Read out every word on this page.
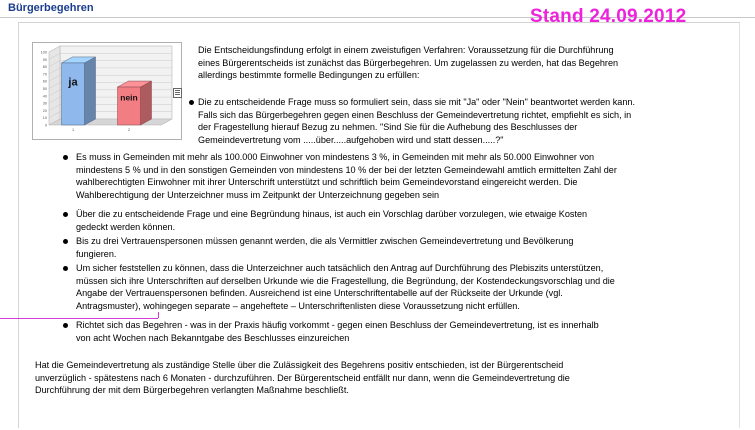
Bürgerbegehren	Stand 24.09.2012
100
90
80
70
60
50
40
30
20
10
0
ja
1
nein
2
Die Entscheidungsfindung erfolgt in einem zweistufigen Verfahren: Voraussetzung für die Durchführung
eines Bürgerentscheids ist zunächst das Bürgerbegehren. Um zugelassen zu werden, hat das Begehren
allerdings bestimmte formelle Bedingungen zu erfüllen:
Die zu entscheidende Frage muss so formuliert sein, dass sie mit "Ja" oder "Nein" beantwortet werden kann.
Falls sich das Bürgerbegehren gegen einen Beschluss der Gemeindevertretung richtet, empfiehlt es sich, in
der Fragestellung hierauf Bezug zu nehmen. "Sind Sie für die Aufhebung des Beschlusses der
Gemeindevertretung vom .....über.....aufgehoben wird und statt dessen.....?"
Es muss in Gemeinden mit mehr als 100.000 Einwohner von mindestens 3 %, in Gemeinden mit mehr als 50.000 Einwohner von
mindestens 5 % und in den sonstigen Gemeinden von mindestens 10 % der bei der letzten Gemeindewahl amtlich ermittelten Zahl der
wahlberechtigten Einwohner mit ihrer Unterschrift unterstützt und schriftlich beim Gemeindevorstand eingereicht werden. Die
Wahlberechtigung der Unterzeichner muss im Zeitpunkt der Unterzeichnung gegeben sein
Über die zu entscheidende Frage und eine Begründung hinaus, ist auch ein Vorschlag darüber vorzulegen, wie etwaige Kosten
gedeckt werden können.
Bis zu drei Vertrauenspersonen müssen genannt werden, die als Vermittler zwischen Gemeindevertretung und Bevölkerung
fungieren.
Um sicher feststellen zu können, dass die Unterzeichner auch tatsächlich den Antrag auf Durchführung des Plebiszits unterstützen,
müssen sich ihre Unterschriften auf derselben Urkunde wie die Fragestellung, die Begründung, der Kostendeckungsvorschlag und die
Angabe der Vertrauenspersonen befinden. Ausreichend ist eine Unterschriftentabelle auf der Rückseite der Urkunde (vgl.
Antragsmuster), wohingegen separate – angeheftete – Unterschriftenlisten diese Voraussetzung nicht erfüllen.
Richtet sich das Begehren - was in der Praxis häufig vorkommt - gegen einen Beschluss der Gemeindevertretung, ist es innerhalb
von acht Wochen nach Bekanntgabe des Beschlusses einzureichen
Hat die Gemeindevertretung als zuständige Stelle über die Zulässigkeit des Begehrens positiv entschieden, ist der Bürgerentscheid
unverzüglich - spätestens nach 6 Monaten - durchzuführen. Der Bürgerentscheid entfällt nur dann, wenn die Gemeindevertretung die
Durchführung der mit dem Bürgerbegehren verlangten Maßnahme beschließt.
